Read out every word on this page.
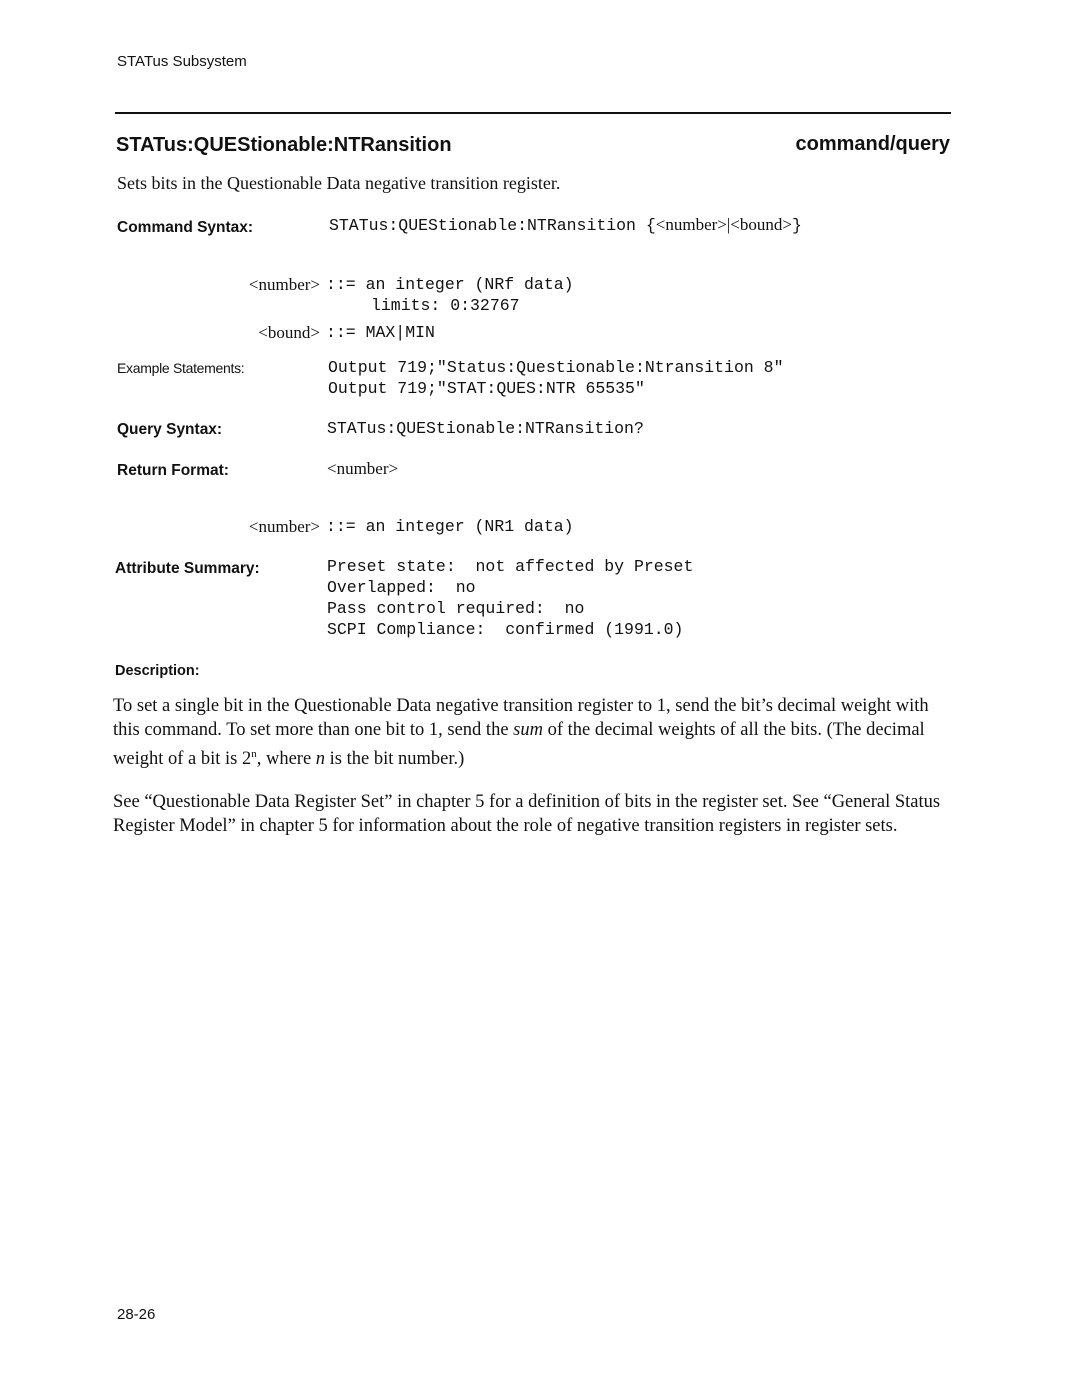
STATus Subsystem
STATus:QUEStionable:NTRansition	command/query
Sets bits in the Questionable Data negative transition register.
Command Syntax:	STATus:QUEStionable:NTRansition {<number>|<bound>}
<number> ::= an integer (NRf data)
limits: 0:32767
<bound> ::= MAX|MIN
Example Statements:	Output 719;"Status:Questionable:Ntransition 8"
Output 719;"STAT:QUES:NTR 65535"
Query Syntax:	STATus:QUEStionable:NTRansition?
Return Format:	<number>
<number> ::= an integer (NR1 data)
Attribute Summary:	Preset state:  not affected by Preset
Overlapped:  no
Pass control required:  no
SCPI Compliance:  confirmed (1991.0)
Description:

To set a single bit in the Questionable Data negative transition register to 1, send the bit’s decimal weight with this command. To set more than one bit to 1, send the sum of the decimal weights of all the bits. (The decimal weight of a bit is 2$^n$, where n is the bit number.)

See “Questionable Data Register Set” in chapter 5 for a definition of bits in the register set. See “General Status Register Model” in chapter 5 for information about the role of negative transition registers in register sets.

28-26
